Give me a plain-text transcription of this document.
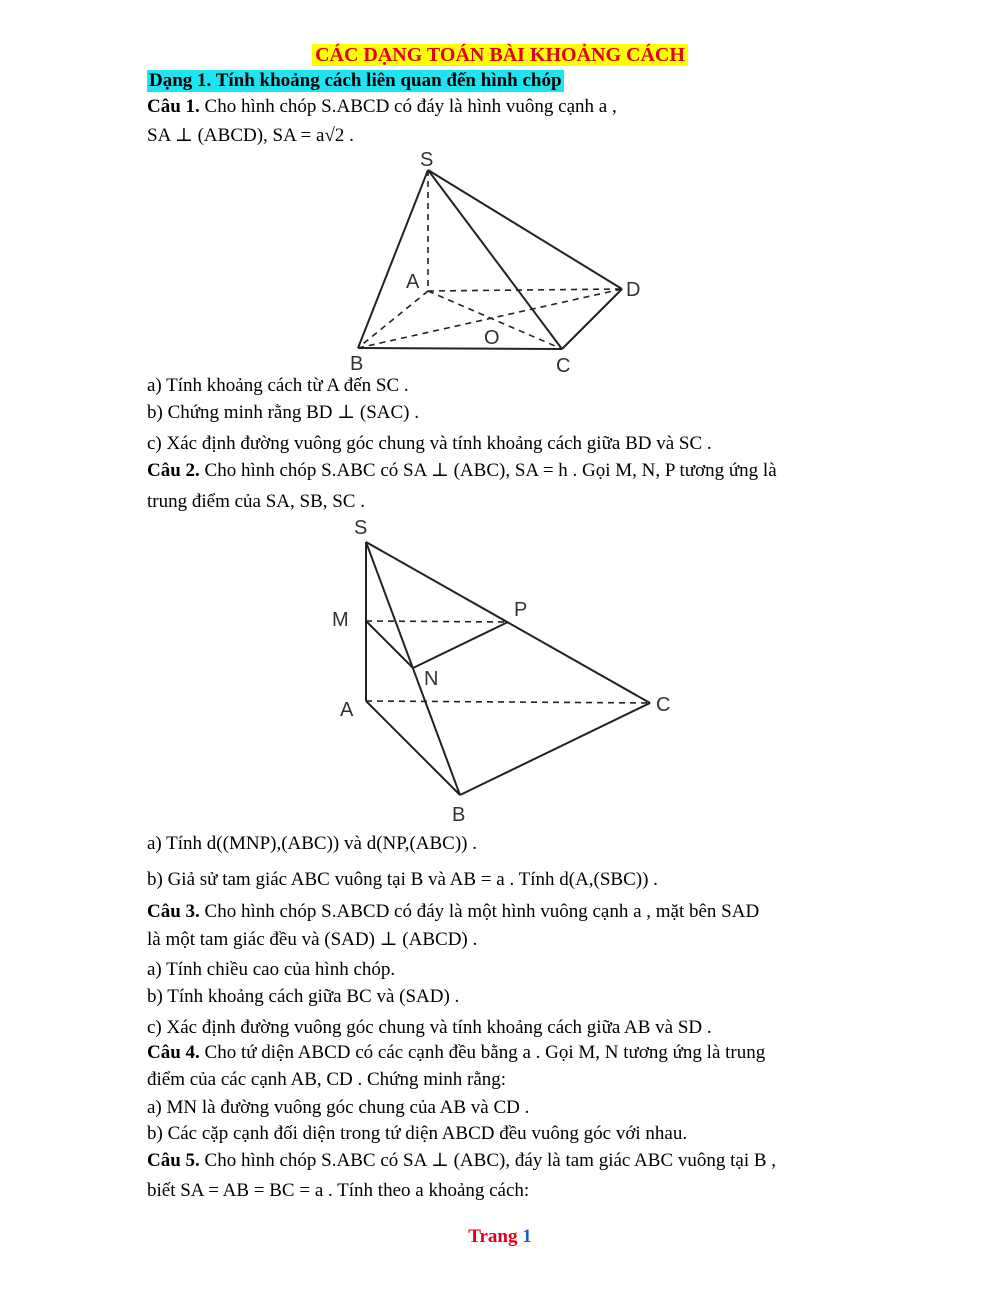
CÁC DẠNG TOÁN BÀI KHOẢNG CÁCH
Dạng 1. Tính khoảng cách liên quan đến hình chóp
Câu 1. Cho hình chóp S.ABCD có đáy là hình vuông cạnh a ,
SA ⊥ (ABCD), SA = a√2 .
S
A	D
O
B	C
a) Tính khoảng cách từ A đến SC .
b) Chứng minh rằng BD ⊥ (SAC) .
c) Xác định đường vuông góc chung và tính khoảng cách giữa BD và SC .
Câu 2. Cho hình chóp S.ABC có SA ⊥ (ABC), SA = h . Gọi M, N, P tương ứng là
trung điểm của SA, SB, SC .
S
M	P
N
A	C
B
a) Tính d((MNP),(ABC)) và d(NP,(ABC)) .
b) Giả sử tam giác ABC vuông tại B và AB = a . Tính d(A,(SBC)) .
Câu 3. Cho hình chóp S.ABCD có đáy là một hình vuông cạnh a , mặt bên SAD
là một tam giác đều và (SAD) ⊥ (ABCD) .
a) Tính chiều cao của hình chóp.
b) Tính khoảng cách giữa BC và (SAD) .
c) Xác định đường vuông góc chung và tính khoảng cách giữa AB và SD .
Câu 4. Cho tứ diện ABCD có các cạnh đều bằng a . Gọi M, N tương ứng là trung
điểm của các cạnh AB, CD . Chứng minh rằng:
a) MN là đường vuông góc chung của AB và CD .
b) Các cặp cạnh đối diện trong tứ diện ABCD đều vuông góc với nhau.
Câu 5. Cho hình chóp S.ABC có SA ⊥ (ABC), đáy là tam giác ABC vuông tại B ,
biết SA = AB = BC = a . Tính theo a khoảng cách:
Trang 1
